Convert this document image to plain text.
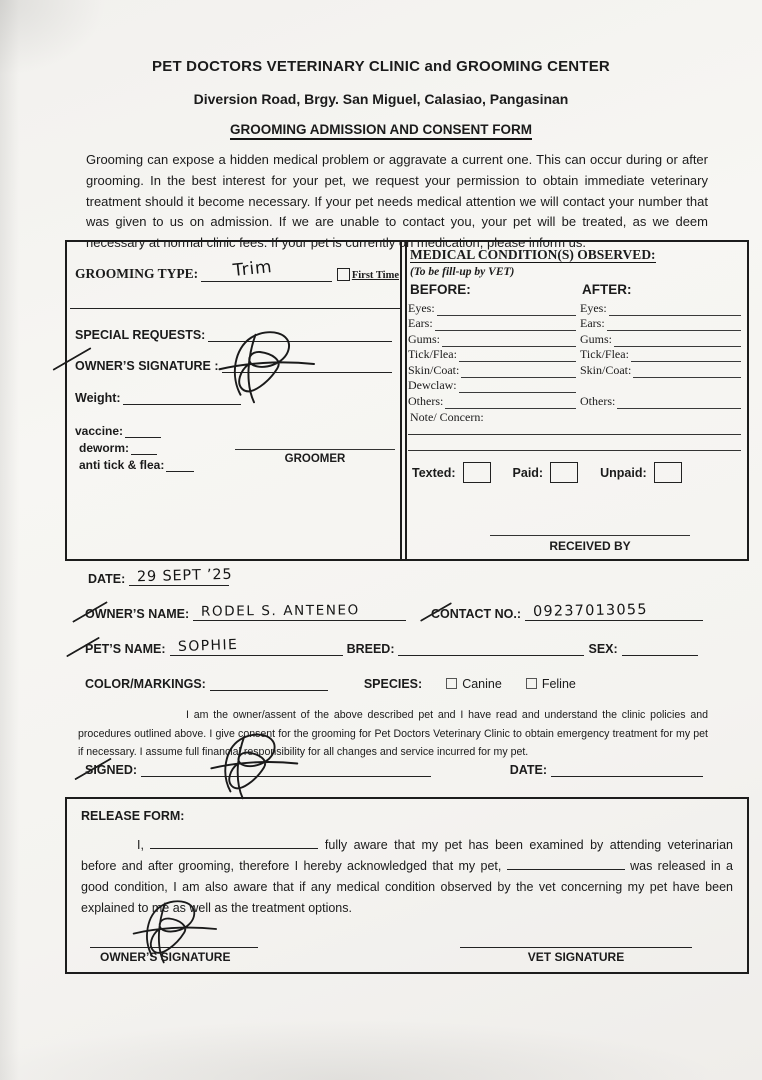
PET DOCTORS VETERINARY CLINIC and GROOMING CENTER
Diversion Road, Brgy. San Miguel, Calasiao, Pangasinan
GROOMING ADMISSION AND CONSENT FORM
Grooming can expose a hidden medical problem or aggravate a current one. This can occur during or after grooming. In the best interest for your pet, we request your permission to obtain immediate veterinary treatment should it become necessary. If your pet needs medical attention we will contact your number that was given to us on admission. If we are unable to contact you, your pet will be treated, as we deem necessary at normal clinic fees. If your pet is currently on medication, please inform us.
GROOMING TYPE: Trim	First Time
SPECIAL REQUESTS:
OWNER’S SIGNATURE :
Weight:
vaccine:
deworm:
anti tick & flea:	GROOMER
MEDICAL CONDITION(S) OBSERVED:
(To be fill-up by VET)
BEFORE:	AFTER:
Eyes:	Eyes:
Ears:	Ears:
Gums:	Gums:
Tick/Flea:	Tick/Flea:
Skin/Coat:	Skin/Coat:
Dewclaw:
Others:	Others:
Note/ Concern:
Texted:	Paid:	Unpaid:
RECEIVED BY
DATE: 29 SEPT ’25
OWNER’S NAME: RODEL S. ANTENEO	CONTACT NO.: 09237013055
PET’S NAME: SOPHIE	BREED:	SEX:
COLOR/MARKINGS:	SPECIES:	Canine	Feline
I am the owner/assent of the above described pet and I have read and understand the clinic policies and procedures outlined above. I give consent for the grooming for Pet Doctors Veterinary Clinic to obtain emergency treatment for my pet if necessary. I assume full financial responsibility for all changes and service incurred for my pet.
SIGNED:	DATE:
RELEASE FORM:
I,	fully aware that my pet has been examined by attending veterinarian before and after grooming, therefore I hereby acknowledged that my pet,	was released in a good condition, I am also aware that if any medical condition observed by the vet concerning my pet have been explained to me as well as the treatment options.
OWNER’S SIGNATURE	VET SIGNATURE
